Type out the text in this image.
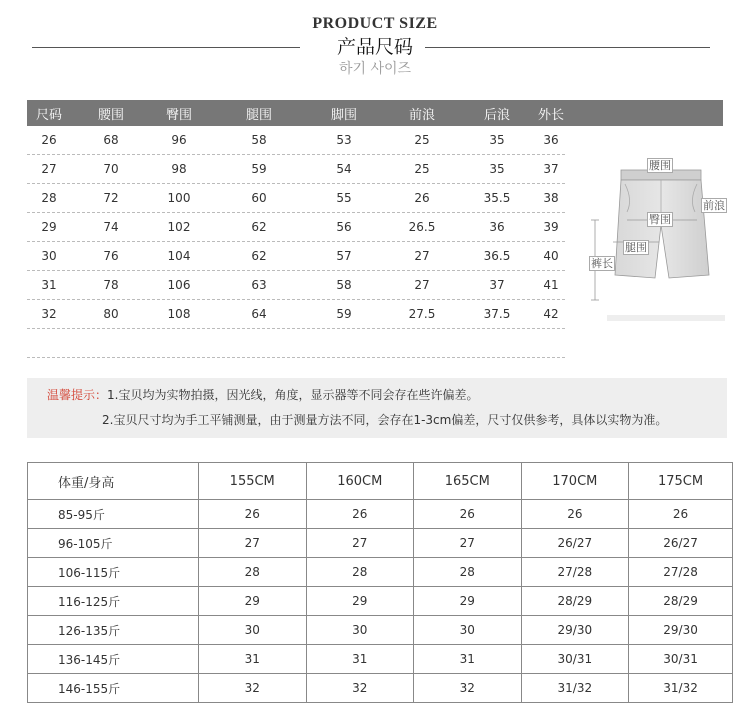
PRODUCT SIZE
产品尺码
하기 사이즈
尺码	腰围	臀围	腿围	脚围	前浪	后浪 外长
26	68	96	58	53	25	35	36
27	70	98	59	54	25	35	37
28	72	100	60	55	26	35.5	38
29	74	102	62	56	26.5	36	39
30	76	104	62	57	27	36.5	40
31	78	106	63	58	27	37	41
32	80	108	64	59	27.5	37.5	42
腰围
前浪
臀围
腿围
裤长
温馨提示：1.宝贝均为实物拍摄，因光线，角度，显示器等不同会存在些许偏差。
2.宝贝尺寸均为手工平铺测量，由于测量方法不同，会存在1-3cm偏差，尺寸仅供参考，具体以实物为准。
体重/身高	155CM	160CM	165CM	170CM	175CM
85-95斤	26	26	26	26	26
96-105斤	27	27	27	26/27	26/27
106-115斤	28	28	28	27/28	27/28
116-125斤	29	29	29	28/29	28/29
126-135斤	30	30	30	29/30	29/30
136-145斤	31	31	31	30/31	30/31
146-155斤	32	32	32	31/32	31/32
